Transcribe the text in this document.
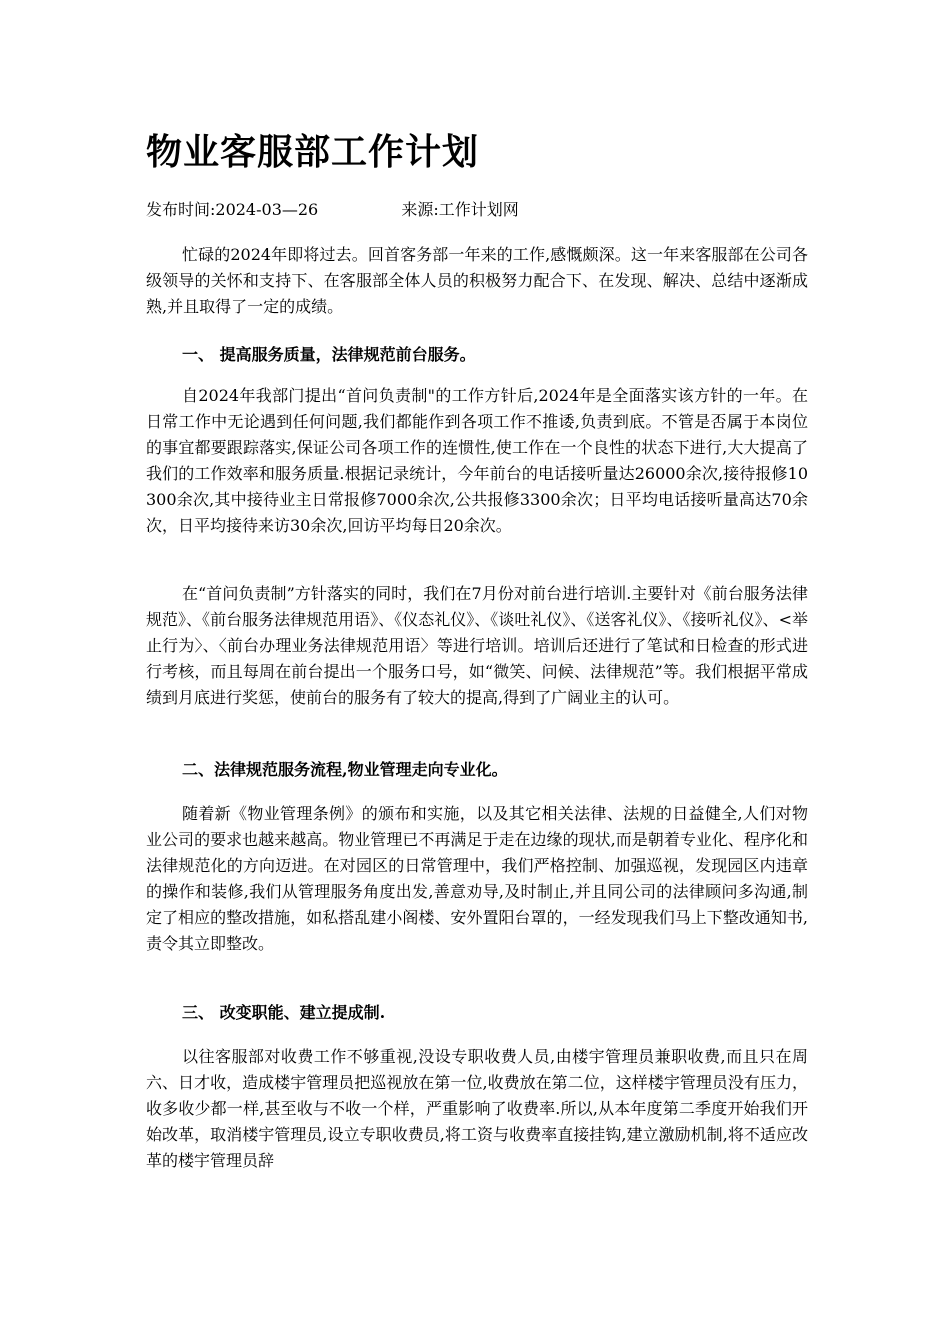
物业客服部工作计划
发布时间:2024-03—26	来源:工作计划网

忙碌的2024年即将过去。回首客务部一年来的工作,感慨颇深。这一年来客服部在公司各级领导的关怀和支持下、在客服部全体人员的积极努力配合下、在发现、解决、总结中逐渐成熟,并且取得了一定的成绩。

一、 提高服务质量，法律规范前台服务。

自2024年我部门提出“首问负责制"的工作方针后,2024年是全面落实该方针的一年。在日常工作中无论遇到任何问题,我们都能作到各项工作不推诿,负责到底。不管是否属于本岗位的事宜都要跟踪落实,保证公司各项工作的连惯性,使工作在一个良性的状态下进行,大大提高了我们的工作效率和服务质量.根据记录统计，今年前台的电话接听量达26000余次,接待报修10300余次,其中接待业主日常报修7000余次,公共报修3300余次；日平均电话接听量高达70余次，日平均接待来访30余次,回访平均每日20余次。

在“首问负责制”方针落实的同时，我们在7月份对前台进行培训.主要针对《前台服务法律规范》、《前台服务法律规范用语》、《仪态礼仪》、《谈吐礼仪》、《送客礼仪》、《接听礼仪》、<举止行为〉、〈前台办理业务法律规范用语〉等进行培训。培训后还进行了笔试和日检查的形式进行考核，而且每周在前台提出一个服务口号，如“微笑、问候、法律规范”等。我们根据平常成绩到月底进行奖惩，使前台的服务有了较大的提高,得到了广阔业主的认可。

二、法律规范服务流程,物业管理走向专业化。

随着新《物业管理条例》的颁布和实施，以及其它相关法律、法规的日益健全,人们对物业公司的要求也越来越高。物业管理已不再满足于走在边缘的现状,而是朝着专业化、程序化和法律规范化的方向迈进。在对园区的日常管理中，我们严格控制、加强巡视，发现园区内违章的操作和装修,我们从管理服务角度出发,善意劝导,及时制止,并且同公司的法律顾问多沟通,制定了相应的整改措施，如私搭乱建小阁楼、安外置阳台罩的，一经发现我们马上下整改通知书,责令其立即整改。

三、 改变职能、建立提成制.

以往客服部对收费工作不够重视,没设专职收费人员,由楼宇管理员兼职收费,而且只在周六、日才收，造成楼宇管理员把巡视放在第一位,收费放在第二位，这样楼宇管理员没有压力，收多收少都一样,甚至收与不收一个样，严重影响了收费率.所以,从本年度第二季度开始我们开始改革，取消楼宇管理员,设立专职收费员,将工资与收费率直接挂钩,建立激励机制,将不适应改革的楼宇管理员辞
